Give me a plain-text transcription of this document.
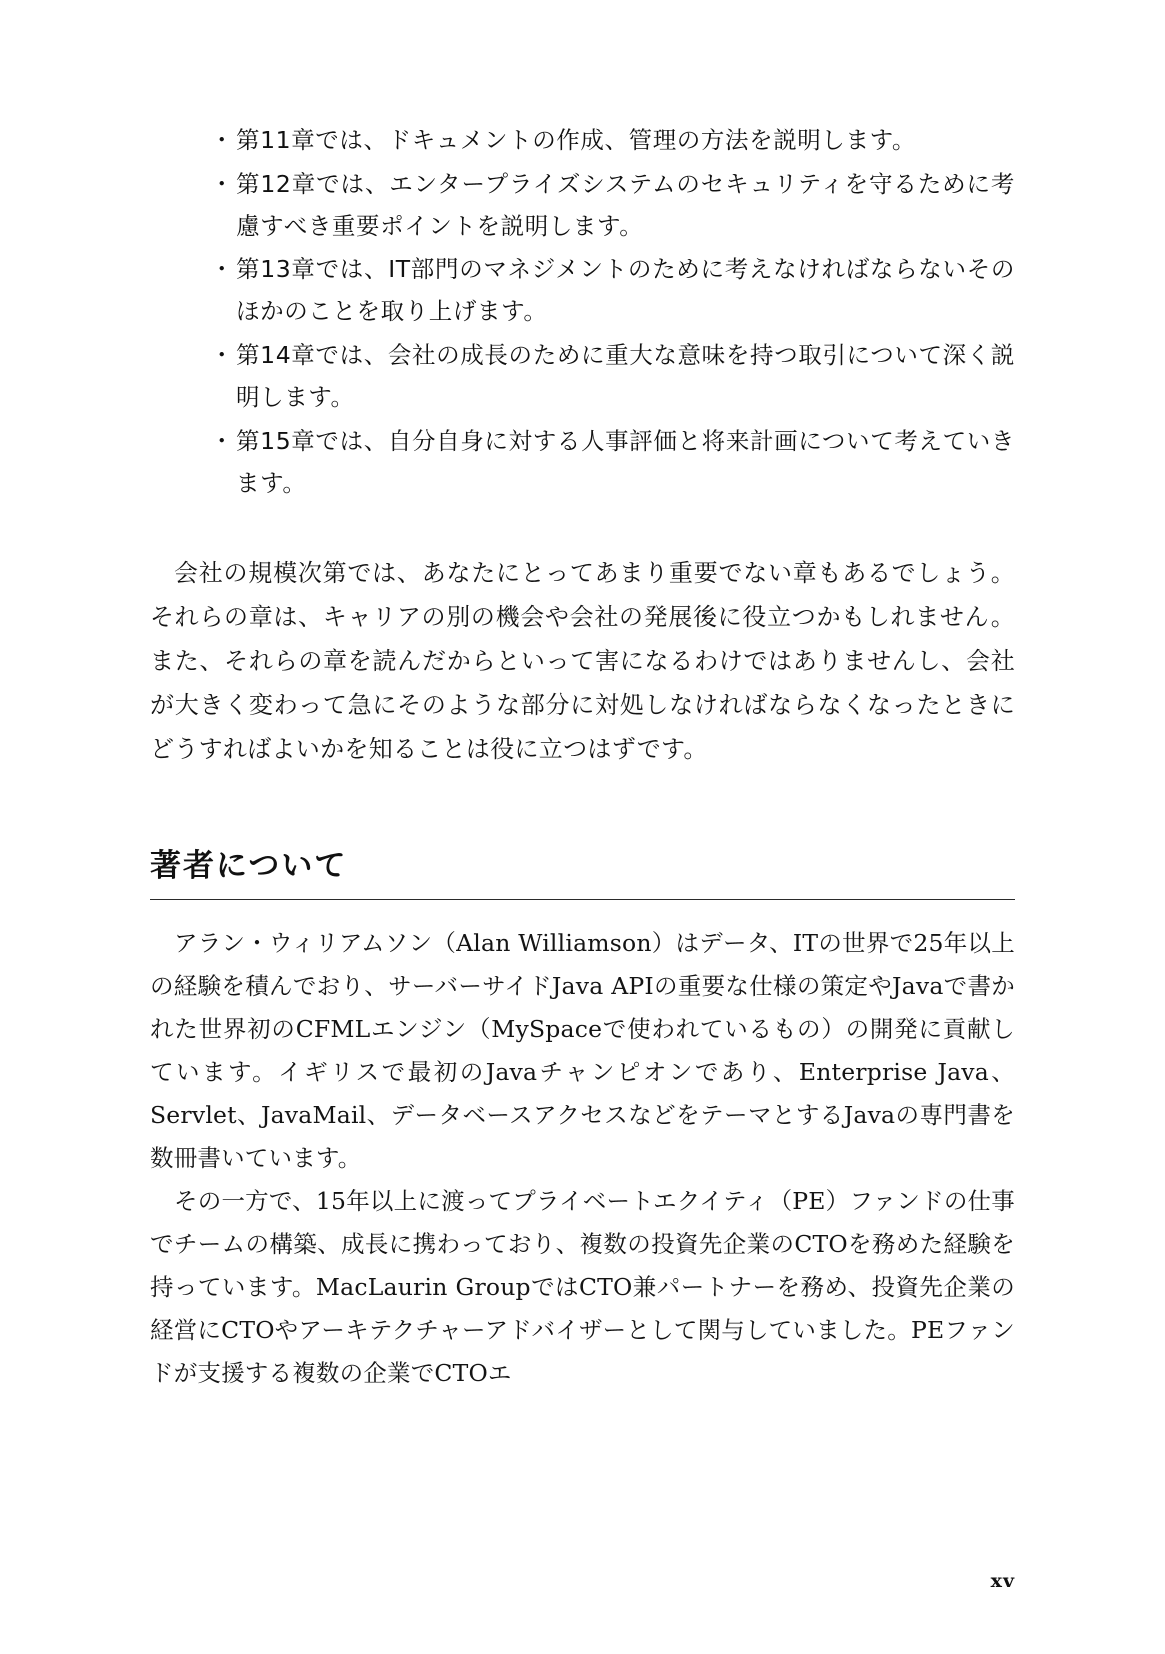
・ 第11章では、ドキュメントの作成、管理の方法を説明します。
・ 第12章では、エンタープライズシステムのセキュリティを守るために考慮すべき重要ポイントを説明します。
・ 第13章では、IT部門のマネジメントのために考えなければならないそのほかのことを取り上げます。
・ 第14章では、会社の成長のために重大な意味を持つ取引について深く説明します。
・ 第15章では、自分自身に対する人事評価と将来計画について考えていきます。

会社の規模次第では、あなたにとってあまり重要でない章もあるでしょう。それらの章は、キャリアの別の機会や会社の発展後に役立つかもしれません。また、それらの章を読んだからといって害になるわけではありませんし、会社が大きく変わって急にそのような部分に対処しなければならなくなったときにどうすればよいかを知ることは役に立つはずです。

著者について

アラン・ウィリアムソン（Alan Williamson）はデータ、ITの世界で25年以上の経験を積んでおり、サーバーサイドJava APIの重要な仕様の策定やJavaで書かれた世界初のCFMLエンジン（MySpaceで使われているもの）の開発に貢献しています。イギリスで最初のJavaチャンピオンであり、Enterprise Java、Servlet、JavaMail、データベースアクセスなどをテーマとするJavaの専門書を数冊書いています。

その一方で、15年以上に渡ってプライベートエクイティ（PE）ファンドの仕事でチームの構築、成長に携わっており、複数の投資先企業のCTOを務めた経験を持っています。MacLaurin GroupではCTO兼パートナーを務め、投資先企業の経営にCTOやアーキテクチャーアドバイザーとして関与していました。PEファンドが支援する複数の企業でCTOエ

xv
